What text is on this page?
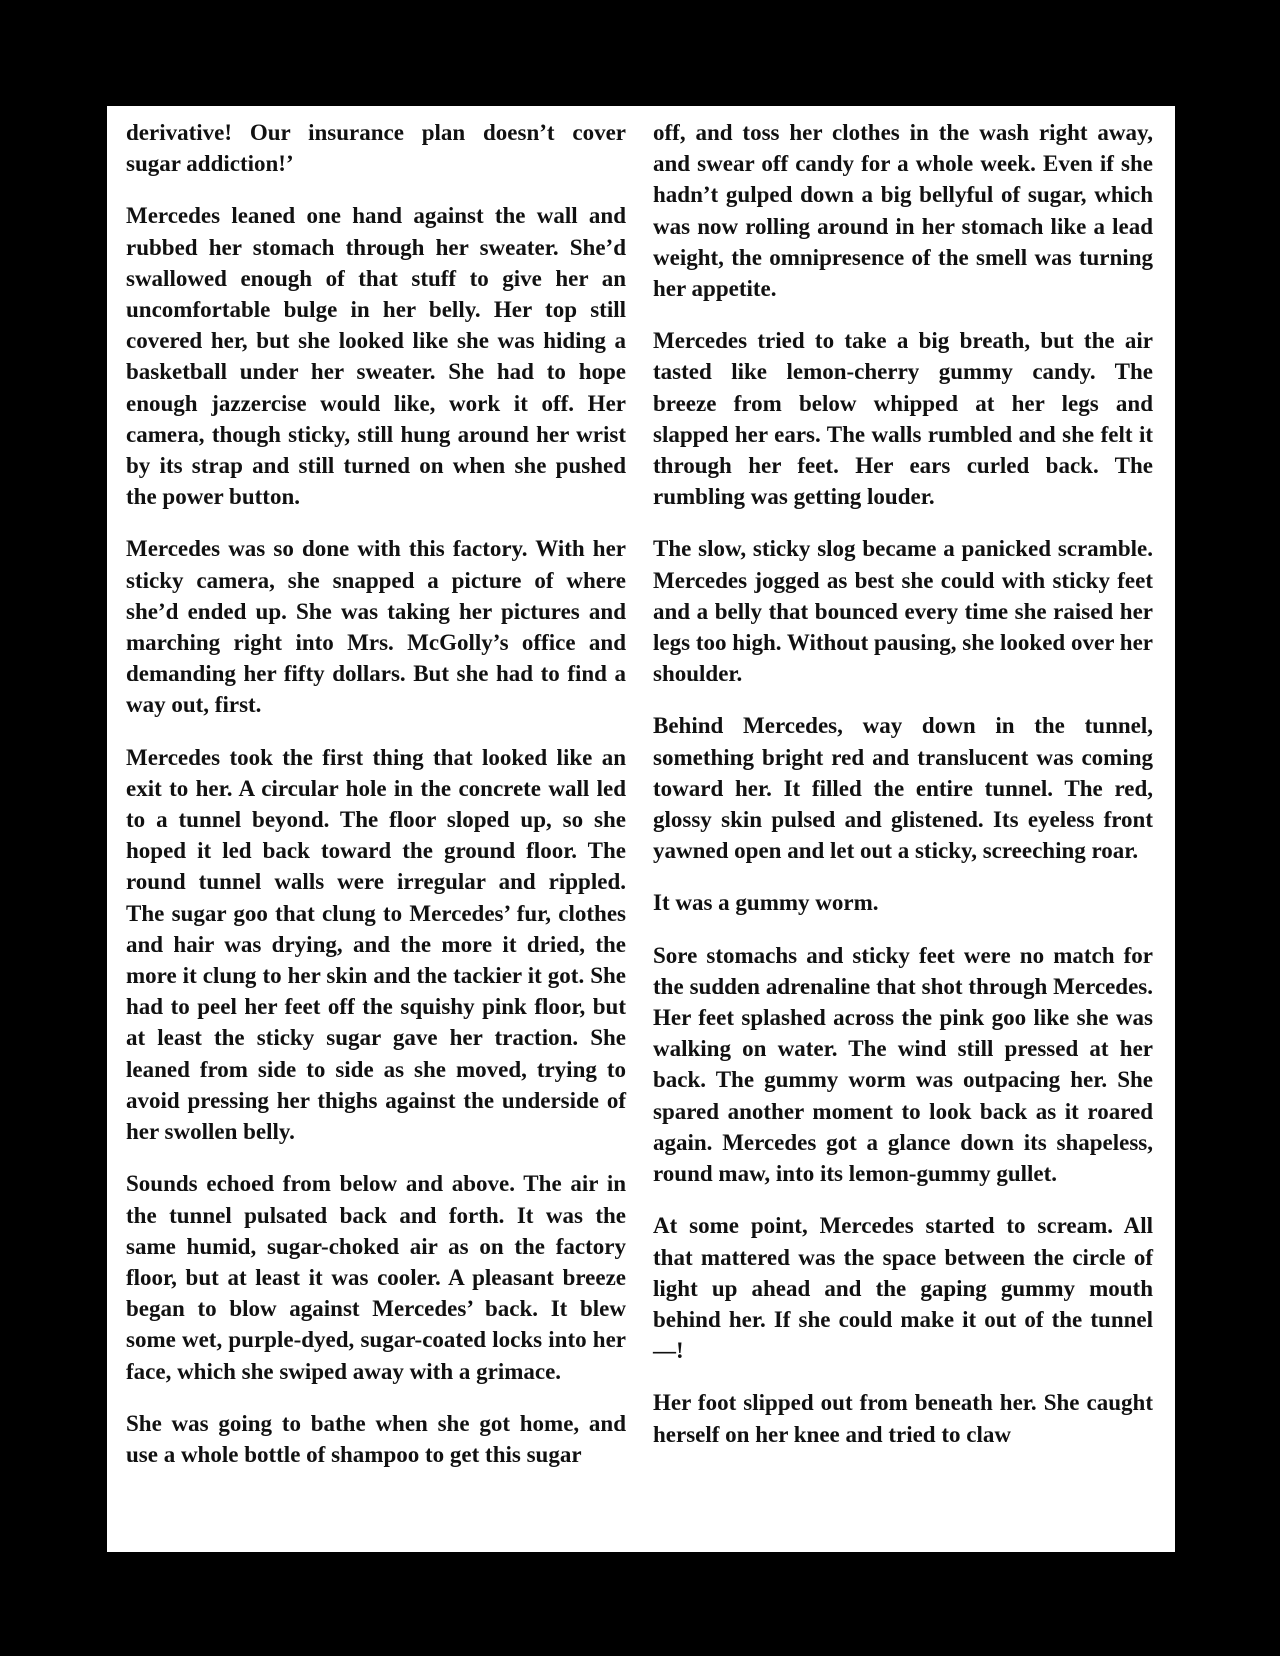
derivative! Our insurance plan doesn’t cover sugar addiction!’

Mercedes leaned one hand against the wall and rubbed her stomach through her sweater. She’d swallowed enough of that stuff to give her an uncomfortable bulge in her belly. Her top still covered her, but she looked like she was hiding a basketball under her sweater. She had to hope enough jazzercise would like, work it off. Her camera, though sticky, still hung around her wrist by its strap and still turned on when she pushed the power button.

Mercedes was so done with this factory. With her sticky camera, she snapped a picture of where she’d ended up. She was taking her pictures and marching right into Mrs. McGolly’s office and demanding her fifty dollars. But she had to find a way out, first.

Mercedes took the first thing that looked like an exit to her. A circular hole in the concrete wall led to a tunnel beyond. The floor sloped up, so she hoped it led back toward the ground floor. The round tunnel walls were irregular and rippled. The sugar goo that clung to Mercedes’ fur, clothes and hair was drying, and the more it dried, the more it clung to her skin and the tackier it got. She had to peel her feet off the squishy pink floor, but at least the sticky sugar gave her traction. She leaned from side to side as she moved, trying to avoid pressing her thighs against the underside of her swollen belly.

Sounds echoed from below and above. The air in the tunnel pulsated back and forth. It was the same humid, sugar-choked air as on the factory floor, but at least it was cooler. A pleasant breeze began to blow against Mercedes’ back. It blew some wet, purple-dyed, sugar-coated locks into her face, which she swiped away with a grimace.

She was going to bathe when she got home, and use a whole bottle of shampoo to get this sugar

off, and toss her clothes in the wash right away, and swear off candy for a whole week. Even if she hadn’t gulped down a big bellyful of sugar, which was now rolling around in her stomach like a lead weight, the omnipresence of the smell was turning her appetite.

Mercedes tried to take a big breath, but the air tasted like lemon-cherry gummy candy. The breeze from below whipped at her legs and slapped her ears. The walls rumbled and she felt it through her feet. Her ears curled back. The rumbling was getting louder.

The slow, sticky slog became a panicked scramble. Mercedes jogged as best she could with sticky feet and a belly that bounced every time she raised her legs too high. Without pausing, she looked over her shoulder.

Behind Mercedes, way down in the tunnel, something bright red and translucent was coming toward her. It filled the entire tunnel. The red, glossy skin pulsed and glistened. Its eyeless front yawned open and let out a sticky, screeching roar.

It was a gummy worm.

Sore stomachs and sticky feet were no match for the sudden adrenaline that shot through Mercedes. Her feet splashed across the pink goo like she was walking on water. The wind still pressed at her back. The gummy worm was outpacing her. She spared another moment to look back as it roared again. Mercedes got a glance down its shapeless, round maw, into its lemon-gummy gullet.

At some point, Mercedes started to scream. All that mattered was the space between the circle of light up ahead and the gaping gummy mouth behind her. If she could make it out of the tunnel—!

Her foot slipped out from beneath her. She caught herself on her knee and tried to claw
